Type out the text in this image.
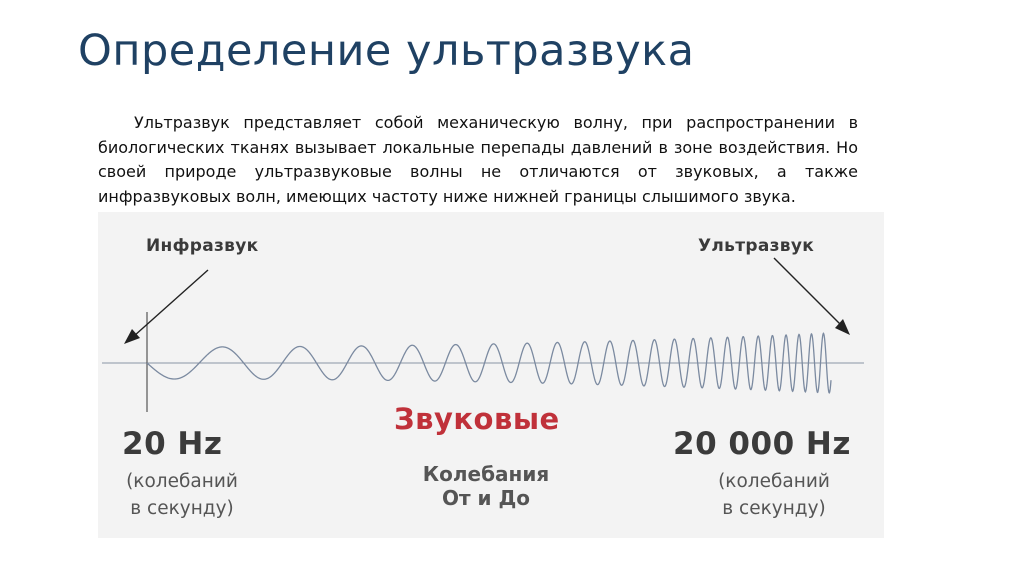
Определение ультразвука

Ультразвук представляет собой механическую волну, при распространении в биологических тканях вызывает локальные перепады давлений в зоне воздействия. Но своей природе ультразвуковые волны не отличаются от звуковых, а также инфразвуковых волн, имеющих частоту ниже нижней границы слышимого звука.

Инфразвук	Ультразвук
20 Hz
(колебаний
в секунду)
20 000 Hz
(колебаний
в секунду)
Звуковые
Колебания
От и До
